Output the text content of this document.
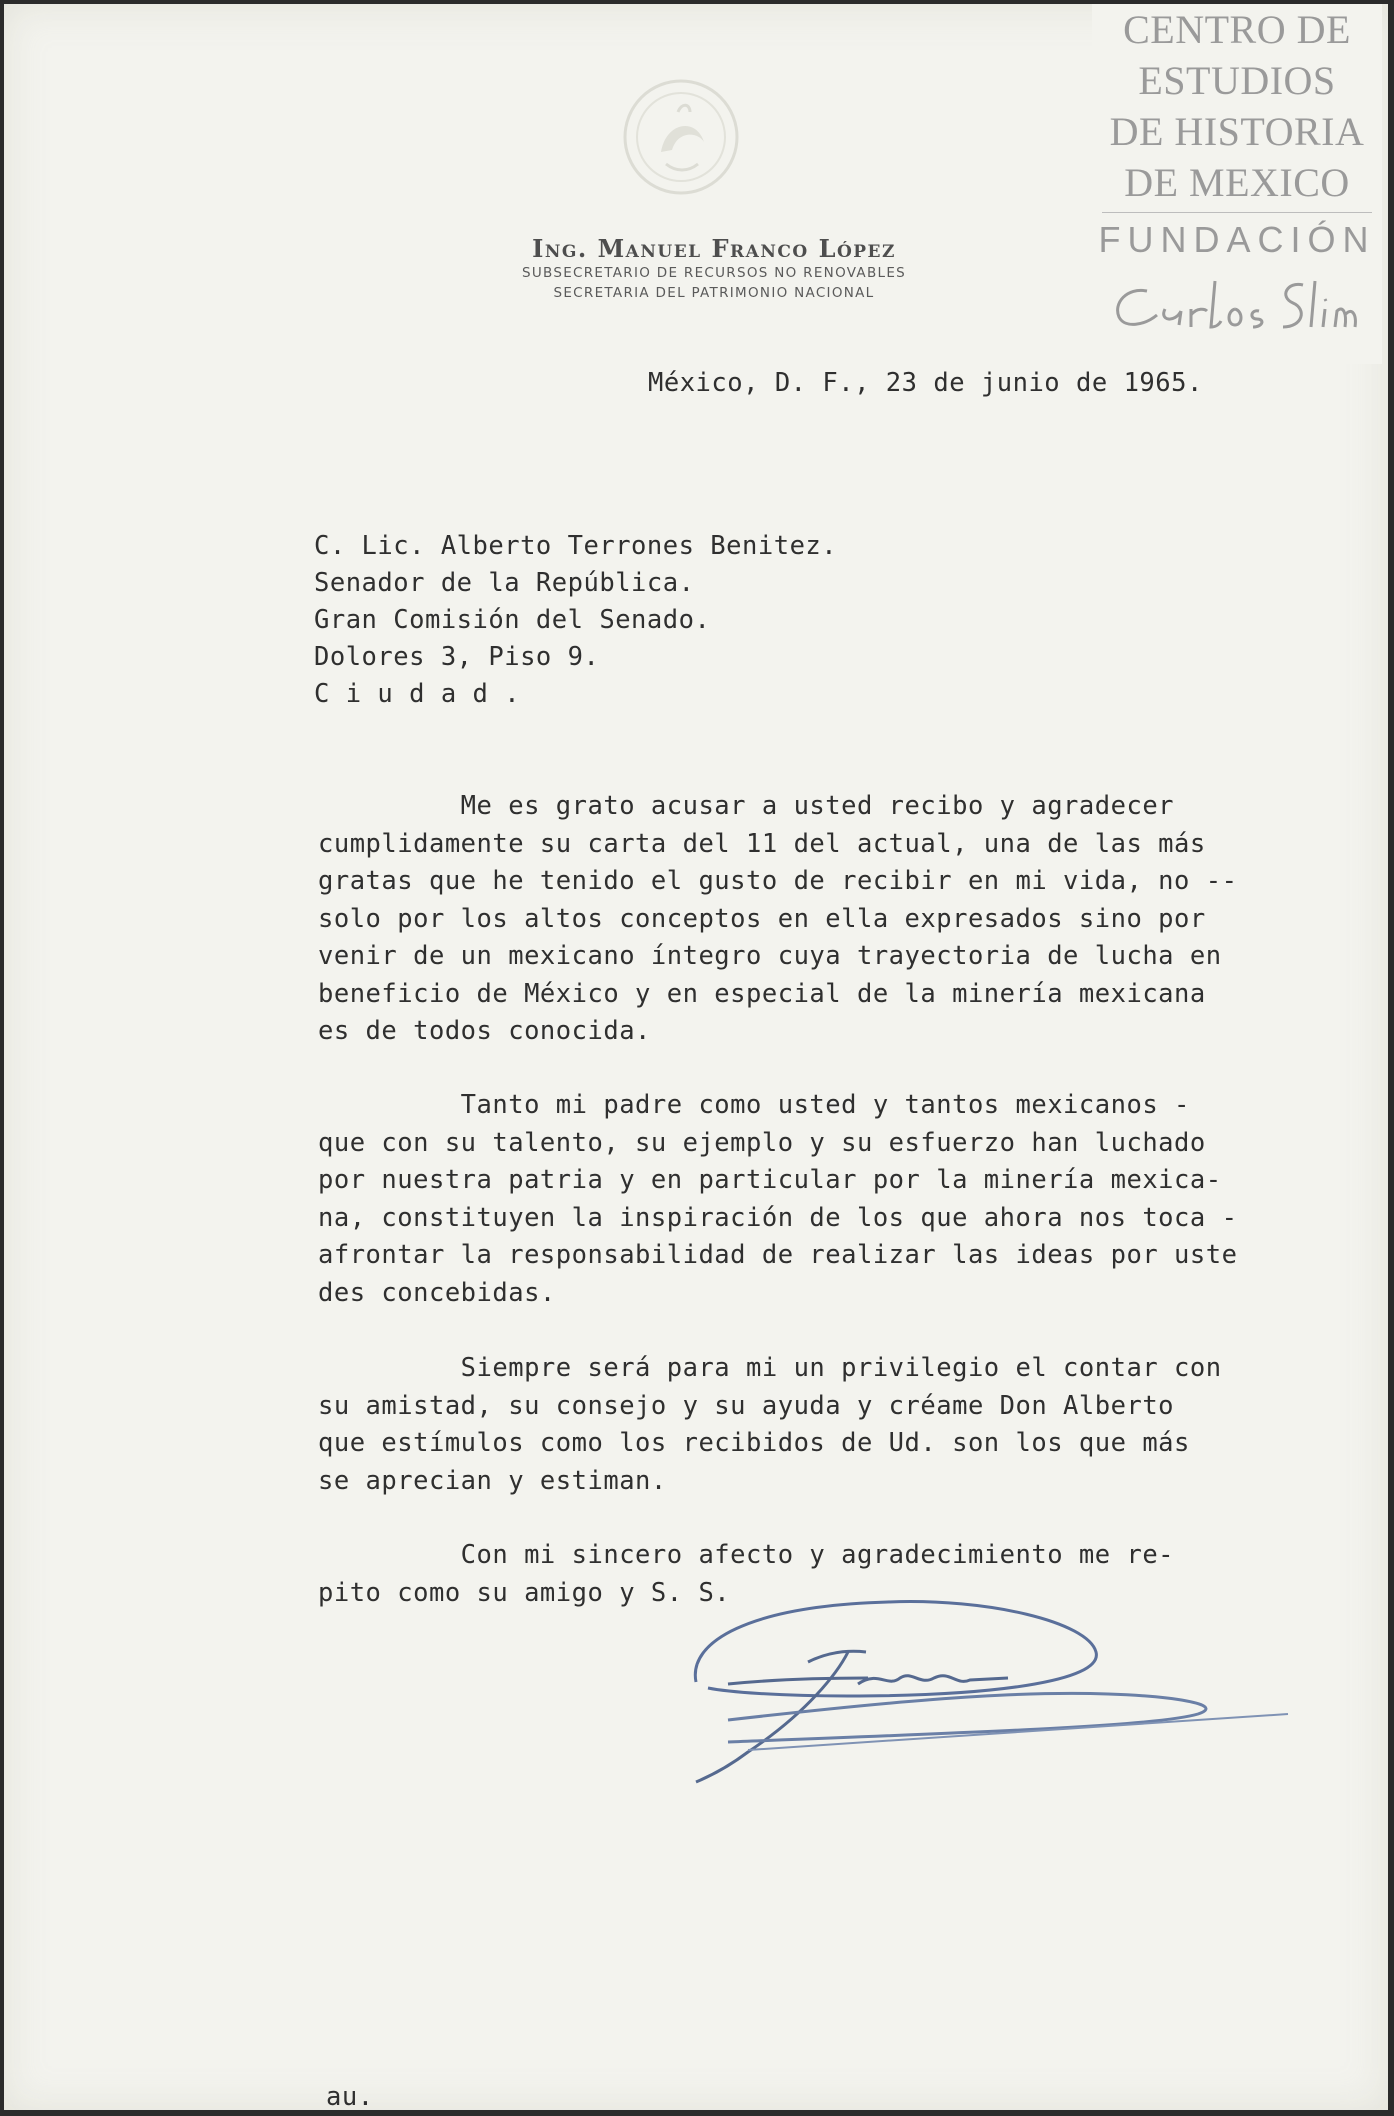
CENTRO DE
ESTUDIOS
DE HISTORIA
DE MEXICO
FUNDACIÓN
Ing. Manuel Franco López
SUBSECRETARIO DE RECURSOS NO RENOVABLES
SECRETARIA DEL PATRIMONIO NACIONAL
México, D. F., 23 de junio de 1965.
C. Lic. Alberto Terrones Benitez.
Senador de la República.
Gran Comisión del Senado.
Dolores 3, Piso 9.
C i u d a d .
Me es grato acusar a usted recibo y agradecer
cumplidamente su carta del 11 del actual, una de las más
gratas que he tenido el gusto de recibir en mi vida, no --
solo por los altos conceptos en ella expresados sino por
venir de un mexicano íntegro cuya trayectoria de lucha en
beneficio de México y en especial de la minería mexicana
es de todos conocida.
Tanto mi padre como usted y tantos mexicanos -
que con su talento, su ejemplo y su esfuerzo han luchado
por nuestra patria y en particular por la minería mexica-
na, constituyen la inspiración de los que ahora nos toca -
afrontar la responsabilidad de realizar las ideas por uste
des concebidas.
Siempre será para mi un privilegio el contar con
su amistad, su consejo y su ayuda y créame Don Alberto
que estímulos como los recibidos de Ud. son los que más
se aprecian y estiman.
Con mi sincero afecto y agradecimiento me re-
pito como su amigo y S. S.
au.
